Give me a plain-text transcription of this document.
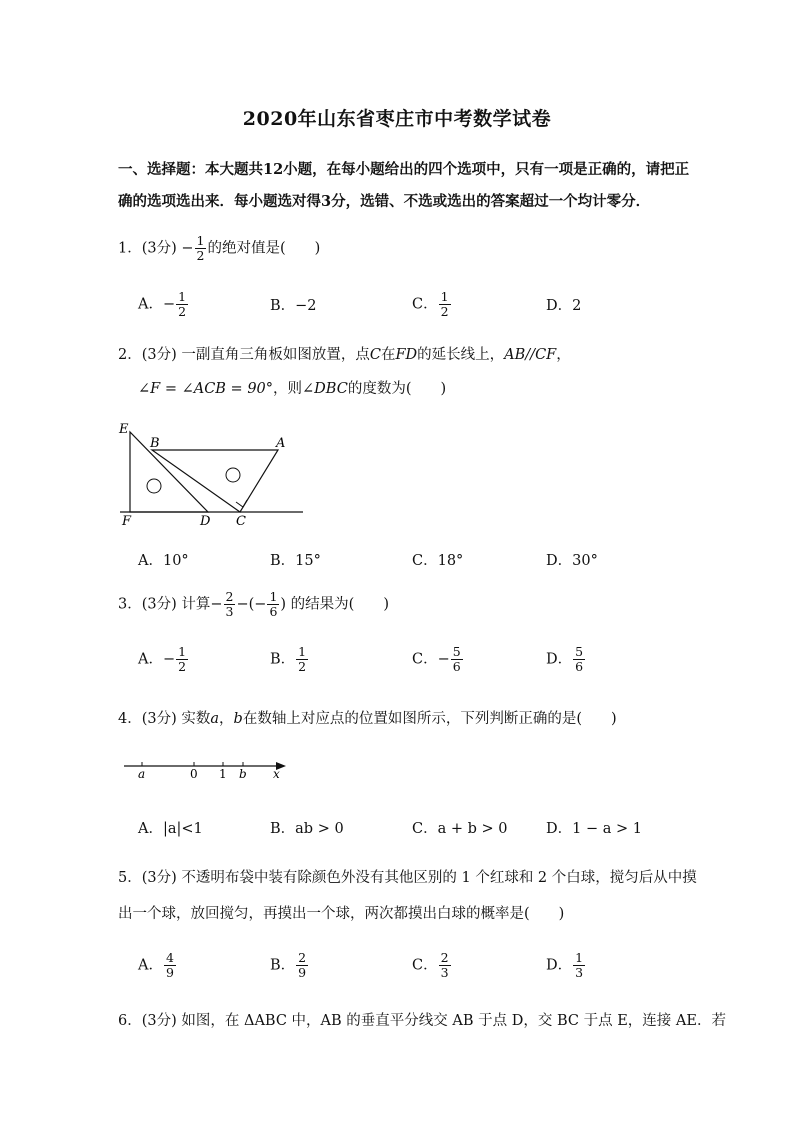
2020年山东省枣庄市中考数学试卷
一、选择题：本大题共12小题，在每小题给出的四个选项中，只有一项是正确的，请把正
确的选项选出来．每小题选对得3分，选错、不选或选出的答案超过一个均计零分．
1．(3分) − $\frac{1}{2}$ 的绝对值是(　　)
A．− $\frac{1}{2}$	B．−2	C． $\frac{1}{2}$	D．2
2．(3分) 一副直角三角板如图放置，点C在FD的延长线上，AB//CF，
∠F = ∠ACB = 90°，则∠DBC的度数为(　　)
E
B	A
F	D C
A．10°	B．15°	C．18°	D．30°
3．(3分) 计算− $\frac{2}{3}$ −(− $\frac{1}{6}$ ) 的结果为(　　)
A．− $\frac{1}{2}$	B． $\frac{1}{2}$	C．− $\frac{5}{6}$	D． $\frac{5}{6}$
4．(3分) 实数a，b在数轴上对应点的位置如图所示，下列判断正确的是(　　)
a	0 1 b x
A．|a|<1	B．ab > 0	C．a + b > 0	D．1 − a > 1
5．(3分) 不透明布袋中装有除颜色外没有其他区别的 1 个红球和 2 个白球，搅匀后从中摸
出一个球，放回搅匀，再摸出一个球，两次都摸出白球的概率是(　　)
A． $\frac{4}{9}$	B． $\frac{2}{9}$	C． $\frac{2}{3}$	D． $\frac{1}{3}$
6．(3分) 如图，在 ΔABC 中，AB 的垂直平分线交 AB 于点 D，交 BC 于点 E，连接 AE．若
